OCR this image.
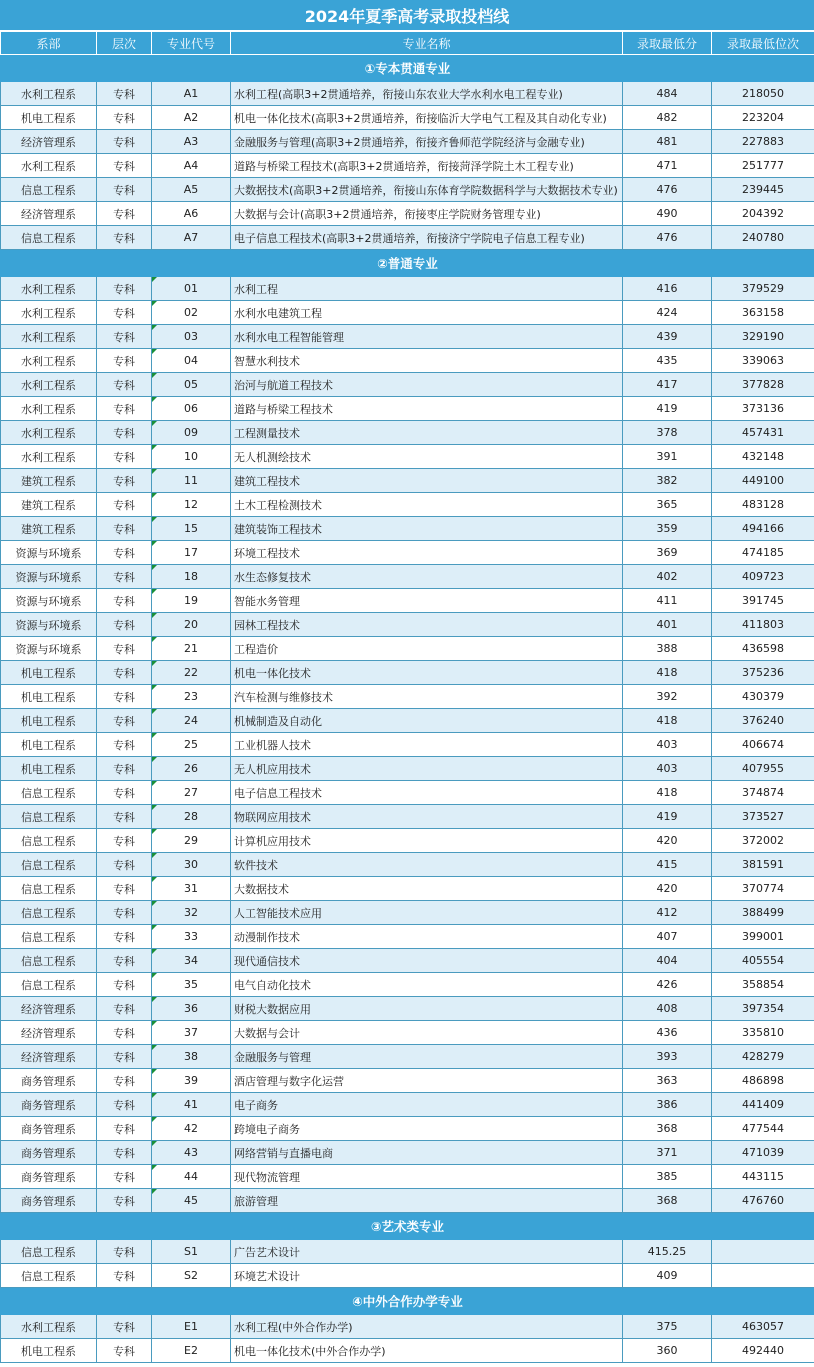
2024年夏季高考录取投档线
系部	层次	专业代号	专业名称	录取最低分	录取最低位次
①专本贯通专业					
水利工程系	专科	A1	水利工程(高职3+2贯通培养，衔接山东农业大学水利水电工程专业)	484	218050
机电工程系	专科	A2	机电一体化技术(高职3+2贯通培养，衔接临沂大学电气工程及其自动化专业)	482	223204
经济管理系	专科	A3	金融服务与管理(高职3+2贯通培养，衔接齐鲁师范学院经济与金融专业)	481	227883
水利工程系	专科	A4	道路与桥梁工程技术(高职3+2贯通培养，衔接菏泽学院土木工程专业)	471	251777
信息工程系	专科	A5	大数据技术(高职3+2贯通培养，衔接山东体育学院数据科学与大数据技术专业)	476	239445
经济管理系	专科	A6	大数据与会计(高职3+2贯通培养，衔接枣庄学院财务管理专业)	490	204392
信息工程系	专科	A7	电子信息工程技术(高职3+2贯通培养，衔接济宁学院电子信息工程专业)	476	240780
②普通专业					
水利工程系	专科	01	水利工程	416	379529
水利工程系	专科	02	水利水电建筑工程	424	363158
水利工程系	专科	03	水利水电工程智能管理	439	329190
水利工程系	专科	04	智慧水利技术	435	339063
水利工程系	专科	05	治河与航道工程技术	417	377828
水利工程系	专科	06	道路与桥梁工程技术	419	373136
水利工程系	专科	09	工程测量技术	378	457431
水利工程系	专科	10	无人机测绘技术	391	432148
建筑工程系	专科	11	建筑工程技术	382	449100
建筑工程系	专科	12	土木工程检测技术	365	483128
建筑工程系	专科	15	建筑装饰工程技术	359	494166
资源与环境系	专科	17	环境工程技术	369	474185
资源与环境系	专科	18	水生态修复技术	402	409723
资源与环境系	专科	19	智能水务管理	411	391745
资源与环境系	专科	20	园林工程技术	401	411803
资源与环境系	专科	21	工程造价	388	436598
机电工程系	专科	22	机电一体化技术	418	375236
机电工程系	专科	23	汽车检测与维修技术	392	430379
机电工程系	专科	24	机械制造及自动化	418	376240
机电工程系	专科	25	工业机器人技术	403	406674
机电工程系	专科	26	无人机应用技术	403	407955
信息工程系	专科	27	电子信息工程技术	418	374874
信息工程系	专科	28	物联网应用技术	419	373527
信息工程系	专科	29	计算机应用技术	420	372002
信息工程系	专科	30	软件技术	415	381591
信息工程系	专科	31	大数据技术	420	370774
信息工程系	专科	32	人工智能技术应用	412	388499
信息工程系	专科	33	动漫制作技术	407	399001
信息工程系	专科	34	现代通信技术	404	405554
信息工程系	专科	35	电气自动化技术	426	358854
经济管理系	专科	36	财税大数据应用	408	397354
经济管理系	专科	37	大数据与会计	436	335810
经济管理系	专科	38	金融服务与管理	393	428279
商务管理系	专科	39	酒店管理与数字化运营	363	486898
商务管理系	专科	41	电子商务	386	441409
商务管理系	专科	42	跨境电子商务	368	477544
商务管理系	专科	43	网络营销与直播电商	371	471039
商务管理系	专科	44	现代物流管理	385	443115
商务管理系	专科	45	旅游管理	368	476760
③艺术类专业					
信息工程系	专科	S1	广告艺术设计	415.25	
信息工程系	专科	S2	环境艺术设计	409	
④中外合作办学专业					
水利工程系	专科	E1	水利工程(中外合作办学)	375	463057
机电工程系	专科	E2	机电一体化技术(中外合作办学)	360	492440
